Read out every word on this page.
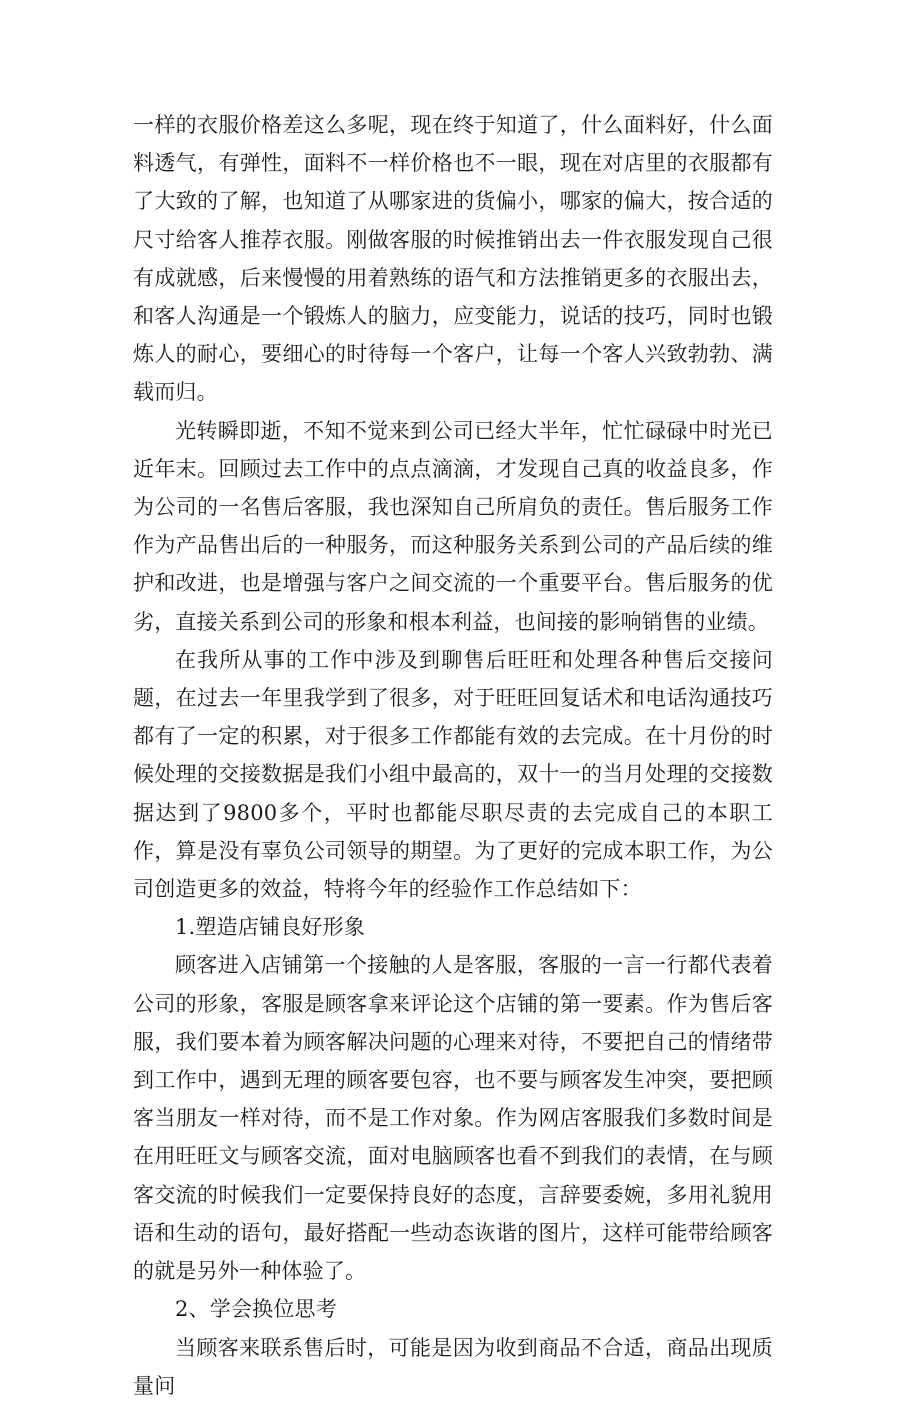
一样的衣服价格差这么多呢，现在终于知道了，什么面料好，什么面料透气，有弹性，面料不一样价格也不一眼，现在对店里的衣服都有了大致的了解，也知道了从哪家进的货偏小，哪家的偏大，按合适的尺寸给客人推荐衣服。刚做客服的时候推销出去一件衣服发现自己很有成就感，后来慢慢的用着熟练的语气和方法推销更多的衣服出去，和客人沟通是一个锻炼人的脑力，应变能力，说话的技巧，同时也锻炼人的耐心，要细心的时待每一个客户，让每一个客人兴致勃勃、满载而归。

光转瞬即逝，不知不觉来到公司已经大半年，忙忙碌碌中时光已近年末。回顾过去工作中的点点滴滴，才发现自己真的收益良多，作为公司的一名售后客服，我也深知自己所肩负的责任。售后服务工作作为产品售出后的一种服务，而这种服务关系到公司的产品后续的维护和改进，也是增强与客户之间交流的一个重要平台。售后服务的优劣，直接关系到公司的形象和根本利益，也间接的影响销售的业绩。

在我所从事的工作中涉及到聊售后旺旺和处理各种售后交接问题，在过去一年里我学到了很多，对于旺旺回复话术和电话沟通技巧都有了一定的积累，对于很多工作都能有效的去完成。在十月份的时候处理的交接数据是我们小组中最高的，双十一的当月处理的交接数据达到了9800多个，平时也都能尽职尽责的去完成自己的本职工作，算是没有辜负公司领导的期望。为了更好的完成本职工作，为公司创造更多的效益，特将今年的经验作工作总结如下：

1.塑造店铺良好形象

顾客进入店铺第一个接触的人是客服，客服的一言一行都代表着公司的形象，客服是顾客拿来评论这个店铺的第一要素。作为售后客服，我们要本着为顾客解决问题的心理来对待，不要把自己的情绪带到工作中，遇到无理的顾客要包容，也不要与顾客发生冲突，要把顾客当朋友一样对待，而不是工作对象。作为网店客服我们多数时间是在用旺旺文与顾客交流，面对电脑顾客也看不到我们的表情，在与顾客交流的时候我们一定要保持良好的态度，言辞要委婉，多用礼貌用语和生动的语句，最好搭配一些动态诙谐的图片，这样可能带给顾客的就是另外一种体验了。

2、学会换位思考

当顾客来联系售后时，可能是因为收到商品不合适，商品出现质量问
